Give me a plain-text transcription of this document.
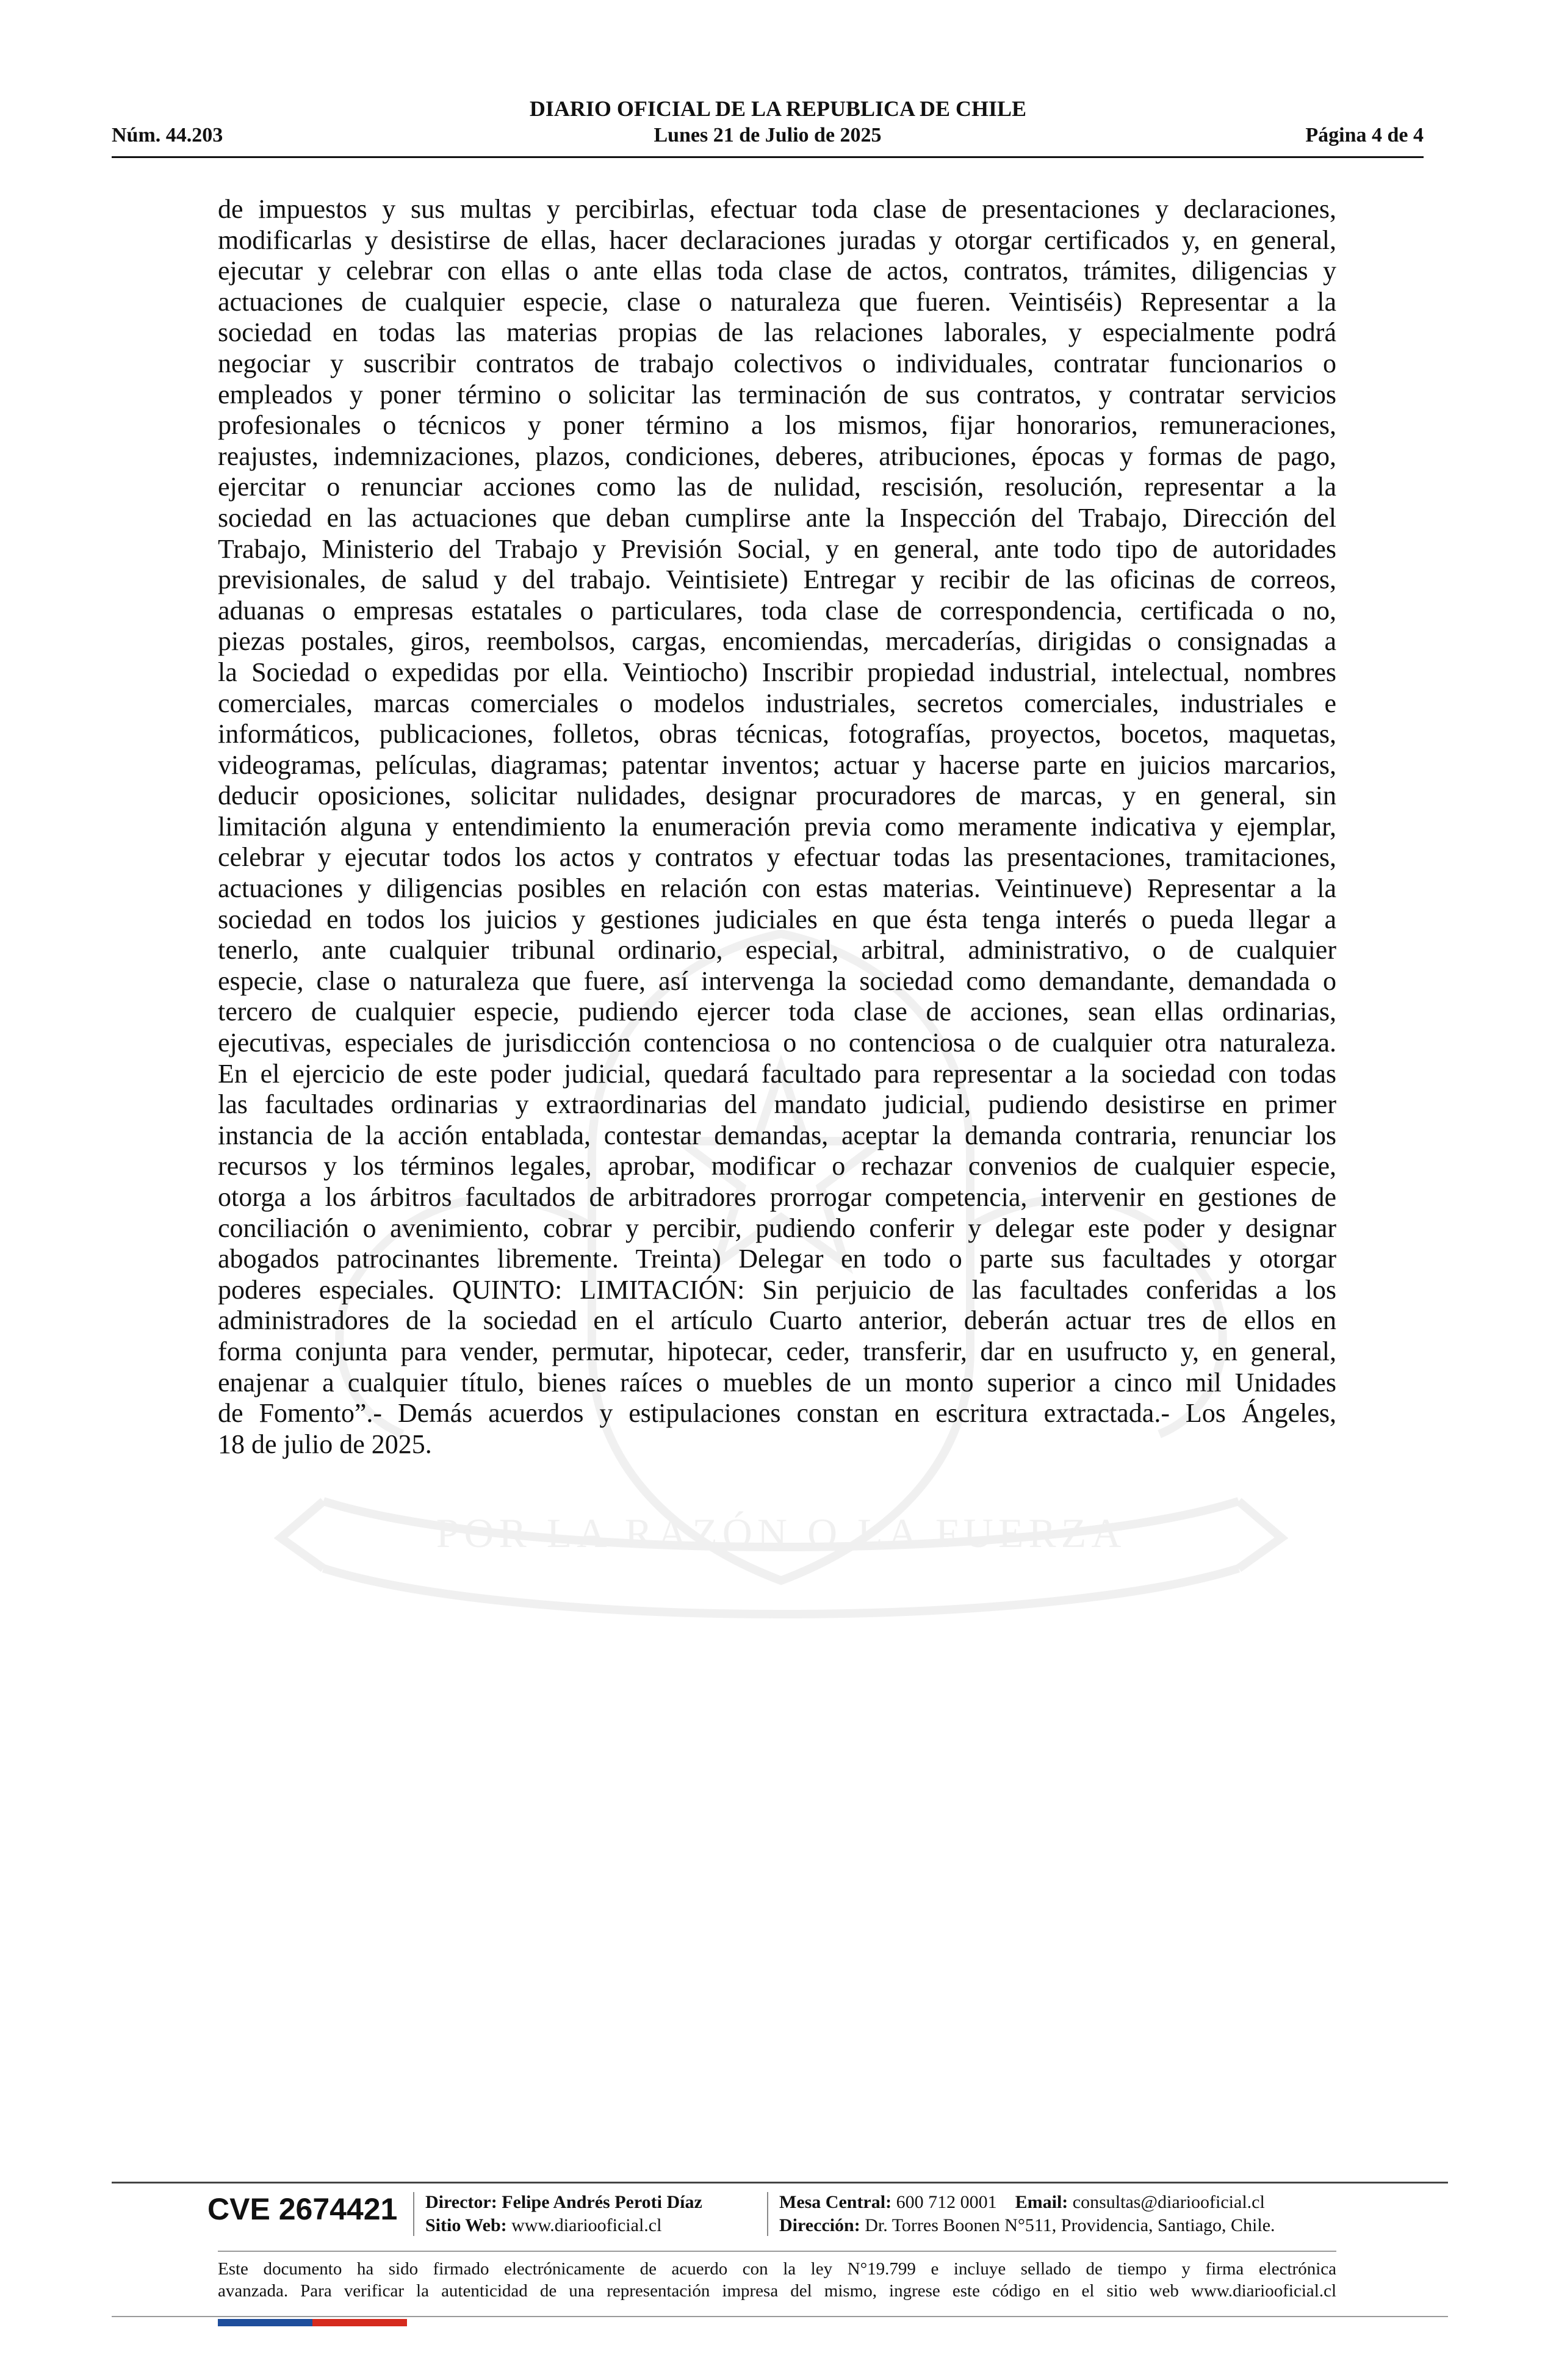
DIARIO OFICIAL DE LA REPUBLICA DE CHILE
Núm. 44.203	Lunes 21 de Julio de 2025	Página 4 de 4
POR LA RAZÓN O LA FUERZA
de impuestos y sus multas y percibirlas, efectuar toda clase de presentaciones y declaraciones,
modificarlas y desistirse de ellas, hacer declaraciones juradas y otorgar certificados y, en general,
ejecutar y celebrar con ellas o ante ellas toda clase de actos, contratos, trámites, diligencias y
actuaciones de cualquier especie, clase o naturaleza que fueren. Veintiséis) Representar a la
sociedad en todas las materias propias de las relaciones laborales, y especialmente podrá
negociar y suscribir contratos de trabajo colectivos o individuales, contratar funcionarios o
empleados y poner término o solicitar las terminación de sus contratos, y contratar servicios
profesionales o técnicos y poner término a los mismos, fijar honorarios, remuneraciones,
reajustes, indemnizaciones, plazos, condiciones, deberes, atribuciones, épocas y formas de pago,
ejercitar o renunciar acciones como las de nulidad, rescisión, resolución, representar a la
sociedad en las actuaciones que deban cumplirse ante la Inspección del Trabajo, Dirección del
Trabajo, Ministerio del Trabajo y Previsión Social, y en general, ante todo tipo de autoridades
previsionales, de salud y del trabajo. Veintisiete) Entregar y recibir de las oficinas de correos,
aduanas o empresas estatales o particulares, toda clase de correspondencia, certificada o no,
piezas postales, giros, reembolsos, cargas, encomiendas, mercaderías, dirigidas o consignadas a
la Sociedad o expedidas por ella. Veintiocho) Inscribir propiedad industrial, intelectual, nombres
comerciales, marcas comerciales o modelos industriales, secretos comerciales, industriales e
informáticos, publicaciones, folletos, obras técnicas, fotografías, proyectos, bocetos, maquetas,
videogramas, películas, diagramas; patentar inventos; actuar y hacerse parte en juicios marcarios,
deducir oposiciones, solicitar nulidades, designar procuradores de marcas, y en general, sin
limitación alguna y entendimiento la enumeración previa como meramente indicativa y ejemplar,
celebrar y ejecutar todos los actos y contratos y efectuar todas las presentaciones, tramitaciones,
actuaciones y diligencias posibles en relación con estas materias. Veintinueve) Representar a la
sociedad en todos los juicios y gestiones judiciales en que ésta tenga interés o pueda llegar a
tenerlo, ante cualquier tribunal ordinario, especial, arbitral, administrativo, o de cualquier
especie, clase o naturaleza que fuere, así intervenga la sociedad como demandante, demandada o
tercero de cualquier especie, pudiendo ejercer toda clase de acciones, sean ellas ordinarias,
ejecutivas, especiales de jurisdicción contenciosa o no contenciosa o de cualquier otra naturaleza.
En el ejercicio de este poder judicial, quedará facultado para representar a la sociedad con todas
las facultades ordinarias y extraordinarias del mandato judicial, pudiendo desistirse en primer
instancia de la acción entablada, contestar demandas, aceptar la demanda contraria, renunciar los
recursos y los términos legales, aprobar, modificar o rechazar convenios de cualquier especie,
otorga a los árbitros facultados de arbitradores prorrogar competencia, intervenir en gestiones de
conciliación o avenimiento, cobrar y percibir, pudiendo conferir y delegar este poder y designar
abogados patrocinantes libremente. Treinta) Delegar en todo o parte sus facultades y otorgar
poderes especiales. QUINTO: LIMITACIÓN: Sin perjuicio de las facultades conferidas a los
administradores de la sociedad en el artículo Cuarto anterior, deberán actuar tres de ellos en
forma conjunta para vender, permutar, hipotecar, ceder, transferir, dar en usufructo y, en general,
enajenar a cualquier título, bienes raíces o muebles de un monto superior a cinco mil Unidades
de Fomento”.- Demás acuerdos y estipulaciones constan en escritura extractada.- Los Ángeles,
18 de julio de 2025.
CVE 2674421 Director: Felipe Andrés Peroti Díaz
Sitio Web: www.diariooficial.cl
Mesa Central: 600 712 0001 Email: consultas@diariooficial.cl
Dirección: Dr. Torres Boonen N°511, Providencia, Santiago, Chile.
Este documento ha sido firmado electrónicamente de acuerdo con la ley N°19.799 e incluye sellado de tiempo y firma electrónica
avanzada. Para verificar la autenticidad de una representación impresa del mismo, ingrese este código en el sitio web www.diariooficial.cl
